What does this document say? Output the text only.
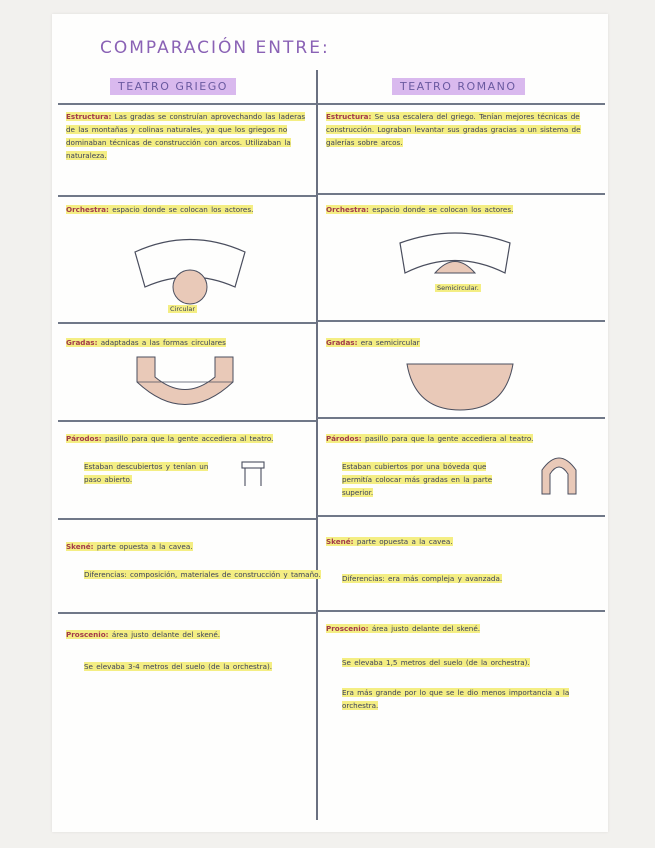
COMPARACIÓN ENTRE:
TEATRO GRIEGO	TEATRO ROMANO
Estructura: Las gradas se construían aprovechando las laderas de las montañas y colinas naturales, ya que los griegos no dominaban técnicas de construcción con arcos. Utilizaban la naturaleza.
Estructura: Se usa escalera del griego. Tenían mejores técnicas de construcción. Lograban levantar sus gradas gracias a un sistema de galerías sobre arcos.
Orchestra: espacio donde se colocan los actores.
Circular
Orchestra: espacio donde se colocan los actores.
Semicircular.
Gradas: adaptadas a las formas circulares	Gradas: era semicircular
Párodos: pasillo para que la gente accediera al teatro.
Estaban descubiertos y tenían un paso abierto.
Párodos: pasillo para que la gente accediera al teatro.
Estaban cubiertos por una bóveda que permitía colocar más gradas en la parte superior.
Skené: parte opuesta a la cavea.
Diferencias: composición, materiales de construcción y tamaño.
Skené: parte opuesta a la cavea.
Diferencias: era más compleja y avanzada.
Proscenio: área justo delante del skené.
Se elevaba 3-4 metros del suelo (de la orchestra).
Proscenio: área justo delante del skené.
Se elevaba 1,5 metros del suelo (de la orchestra).
Era más grande por lo que se le dio menos importancia a la orchestra.
